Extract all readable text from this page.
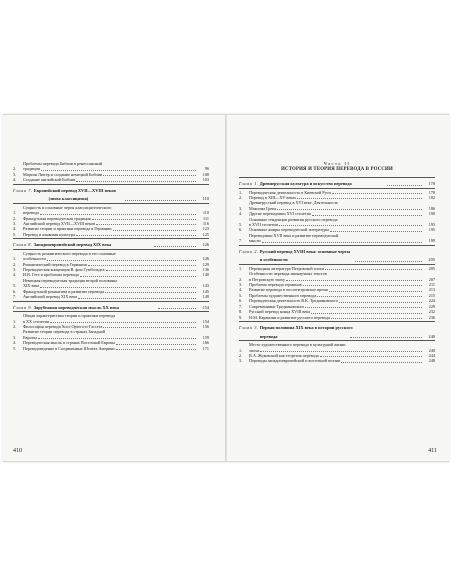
2.
Проблемы перевода Библии в ренессансный
традиции	96
3.	Мартин Лютер и создание немецкой Библии	100
4.	Создание английской Библии	103
Глава 7. Европейский перевод XVII—XVIII веков
(эпоха классицизма)	110
1.
Сущность и основные черты классицистического
перевода	110
2.	Французская переводческая традиция	111
3.	Английский перевод XVII—XVIII веков	116
4.	Развитие теории и практики перевода в Германии	123
5.	Перевод и языковая культура	125
Глава 8. Западноевропейский перевод XIX века	126
1.
Сущность романтического перевода и его основные
особенности	126
2.	Романтический перевод в Германии	129
3.	Переводческая концепция В. фон Гумбольдта	136
4.	И.В. Гете и проблемы перевода	140
5.
Немецкая переводческая традиция второй половины
XIX века	143
6.	Французский романтизм и развитие перевода	145
7.	Английский перевод XIX века	149
Глава 9. Зарубежная переводческая мысль XX века	154
1.
Общая характеристика теории и практики перевода
в XX столетии	154
2.	Философия перевода Хосе Ортега-и-Гассета	156
3.
Развитие теории перевода в странах Западной
Европы	159
4.	Переводческая мысль в странах Восточной Европы	166
5.	Переводоведение в Соединенных Штатах Америки	171
410
Часть II
ИСТОРИЯ И ТЕОРИЯ ПЕРЕВОДА В РОССИИ
Глава 1. Древнерусская культура и искусство перевода	178
1.	Переводческая деятельность в Киевской Руси	178
2.	Перевод в XIII—XV веках	182
3.
Древнерусский перевод в XVI веке. Деятельность
Максима Грека	186
4.	Другие переводчики XVI столетия	190
5.
Основные тенденции развития русского перевода
в XVII столетии	193
6.	Основные жанры переводческой литературы	195
7.
Переводчики XVII века и развитие переводческой
мысли	199
Глава 2. Русский перевод XVIII века: основные черты
и особенности	205
1.	Переводная литература Петровской эпохи	205
2.
Особенности перевода инонаучных текстов
в Петровскую эпоху	207
3.	Проблема перевода терминов	211
4.	Развитие перевода в послепетровское время	213
5.	Проблемы художественного перевода	215
6.	Переводческая деятельность В.К. Тредиаковского	224
7.	Современники Тредиаковского	229
8.	Русский перевод конца XVIII века	232
9.	Н.М. Карамзин и развитие русского перевода	236
Глава 3. Первая половина XIX века в истории русского
перевода	240
1.
Место художественного перевода в культурной жизни
эпохи	240
2.	В.А. Жуковский как теоретик перевода	244
3.	Переводы западноевропейской и восточной поэзии	248
411
